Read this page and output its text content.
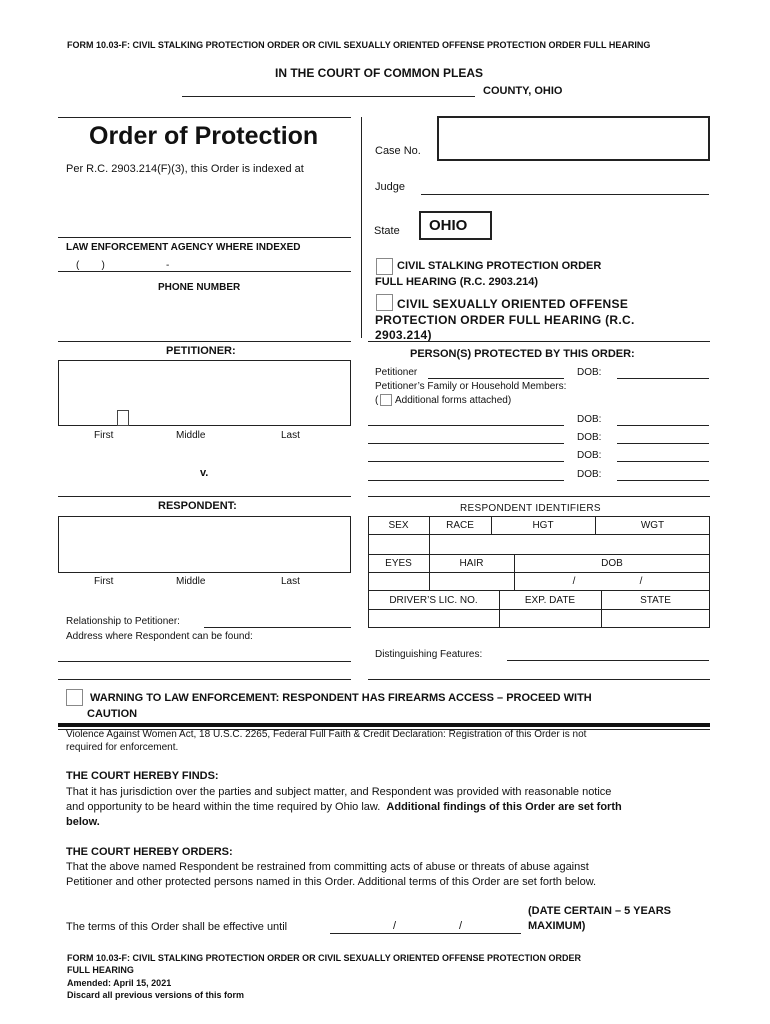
FORM 10.03-F: CIVIL STALKING PROTECTION ORDER OR CIVIL SEXUALLY ORIENTED OFFENSE PROTECTION ORDER FULL HEARING
IN THE COURT OF COMMON PLEAS
COUNTY, OHIO
Order of Protection
Per R.C. 2903.214(F)(3), this Order is indexed at
Case No.
Judge
State	OHIO
LAW ENFORCEMENT AGENCY WHERE INDEXED
(        )                      -
PHONE NUMBER
CIVIL STALKING PROTECTION ORDER
FULL HEARING (R.C. 2903.214)
CIVIL SEXUALLY ORIENTED OFFENSE
PROTECTION ORDER FULL HEARING (R.C.
2903.214)
PETITIONER:
First	Middle	Last
v.
PERSON(S) PROTECTED BY THIS ORDER:
Petitioner	DOB:
Petitioner’s Family or Household Members:
( Additional forms attached)
DOB:
DOB:
DOB:
DOB:
RESPONDENT:
First	Middle	Last
Relationship to Petitioner:
Address where Respondent can be found:
RESPONDENT IDENTIFIERS
SEX	RACE	HGT	WGT
EYES	HAIR	DOB
/	/
DRIVER’S LIC. NO.	EXP. DATE	STATE
Distinguishing Features:
WARNING TO LAW ENFORCEMENT: RESPONDENT HAS FIREARMS ACCESS – PROCEED WITH
CAUTION
Violence Against Women Act, 18 U.S.C. 2265, Federal Full Faith & Credit Declaration: Registration of this Order is not
required for enforcement.
THE COURT HEREBY FINDS:
That it has jurisdiction over the parties and subject matter, and Respondent was provided with reasonable notice
and opportunity to be heard within the time required by Ohio law.  Additional findings of this Order are set forth
below.
THE COURT HEREBY ORDERS:
That the above named Respondent be restrained from committing acts of abuse or threats of abuse against
Petitioner and other protected persons named in this Order. Additional terms of this Order are set forth below.
The terms of this Order shall be effective until	/	/
(DATE CERTAIN – 5 YEARS
MAXIMUM)
FORM 10.03-F: CIVIL STALKING PROTECTION ORDER OR CIVIL SEXUALLY ORIENTED OFFENSE PROTECTION ORDER
FULL HEARING
Amended: April 15, 2021
Discard all previous versions of this form
